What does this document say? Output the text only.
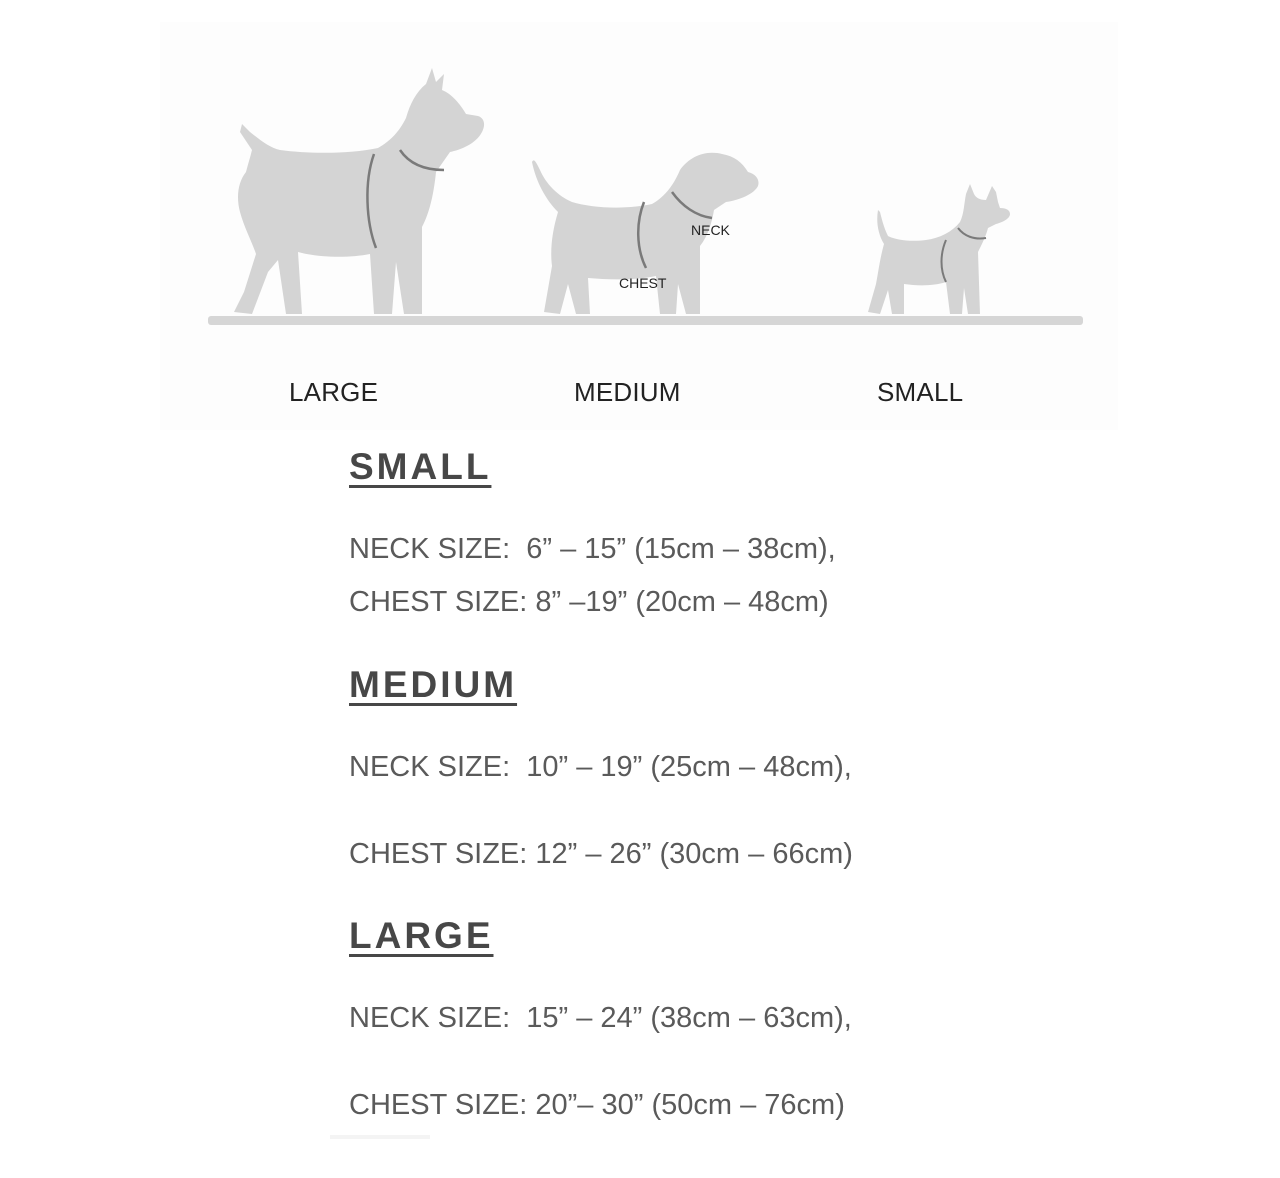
NECK
CHEST
LARGE	MEDIUM	SMALL
SMALL
NECK SIZE:  6” – 15” (15cm – 38cm),
CHEST SIZE: 8” –19” (20cm – 48cm)
MEDIUM
NECK SIZE:  10” – 19” (25cm – 48cm),
CHEST SIZE: 12” – 26” (30cm – 66cm)
LARGE
NECK SIZE:  15” – 24” (38cm – 63cm),
CHEST SIZE: 20”– 30” (50cm – 76cm)
